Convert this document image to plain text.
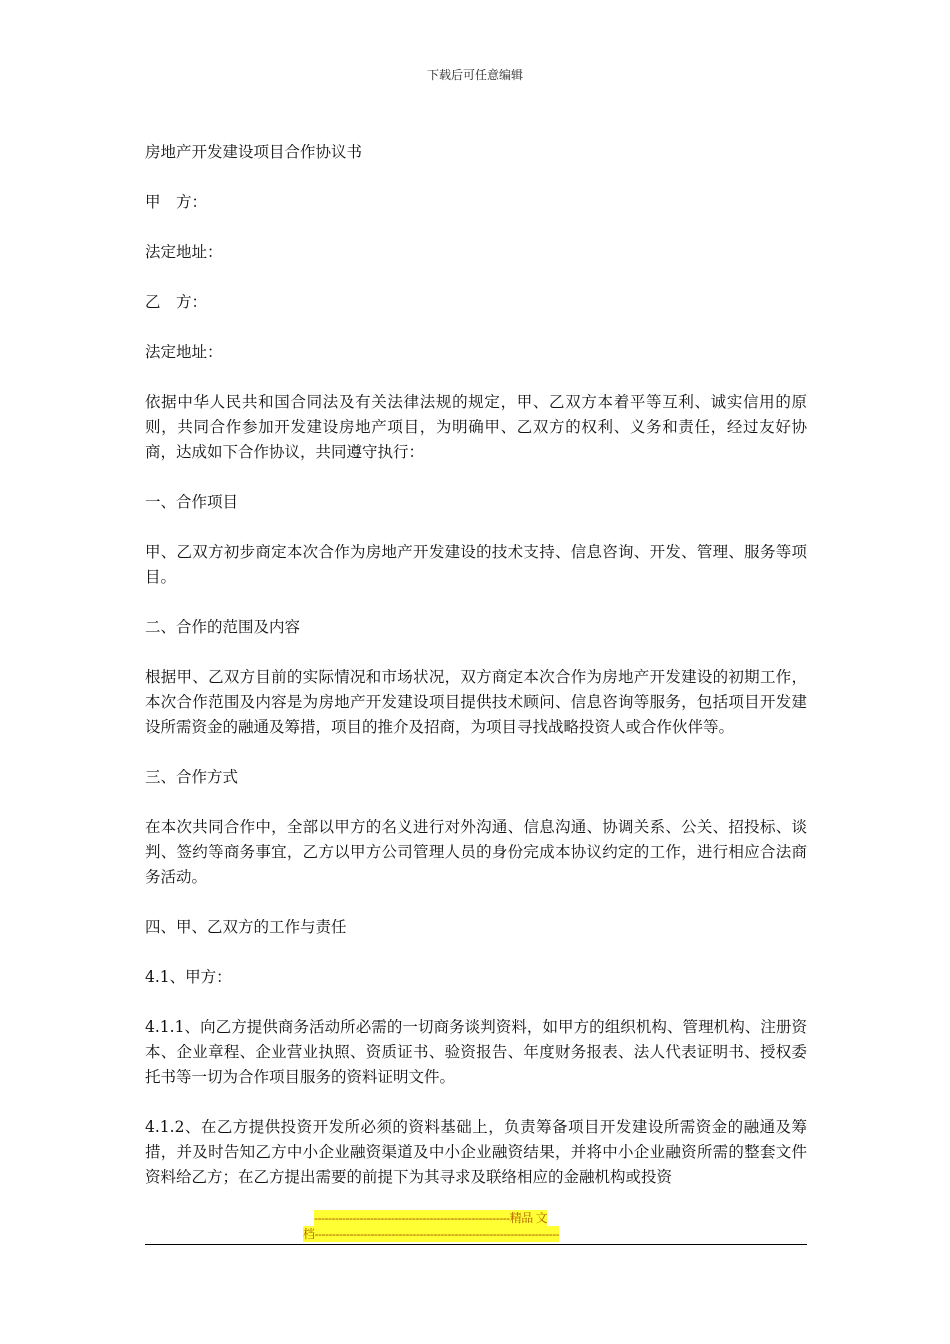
下载后可任意编辑

房地产开发建设项目合作协议书

甲　方：

法定地址：

乙　方：

法定地址：

依据中华人民共和国合同法及有关法律法规的规定，甲、乙双方本着平等互利、诚实信用的原则，共同合作参加开发建设房地产项目，为明确甲、乙双方的权利、义务和责任，经过友好协商，达成如下合作协议，共同遵守执行：

一、合作项目

甲、乙双方初步商定本次合作为房地产开发建设的技术支持、信息咨询、开发、管理、服务等项目。

二、合作的范围及内容

根据甲、乙双方目前的实际情况和市场状况，双方商定本次合作为房地产开发建设的初期工作，本次合作范围及内容是为房地产开发建设项目提供技术顾问、信息咨询等服务，包括项目开发建设所需资金的融通及筹措，项目的推介及招商，为项目寻找战略投资人或合作伙伴等。

三、合作方式

在本次共同合作中，全部以甲方的名义进行对外沟通、信息沟通、协调关系、公关、招投标、谈判、签约等商务事宜，乙方以甲方公司管理人员的身份完成本协议约定的工作，进行相应合法商务活动。

四、甲、乙双方的工作与责任

4.1、甲方：

4.1.1、向乙方提供商务活动所必需的一切商务谈判资料，如甲方的组织机构、管理机构、注册资本、企业章程、企业营业执照、资质证书、验资报告、年度财务报表、法人代表证明书、授权委托书等一切为合作项目服务的资料证明文件。

4.1.2、在乙方提供投资开发所必须的资料基础上，负责筹备项目开发建设所需资金的融通及筹措，并及时告知乙方中小企业融资渠道及中小企业融资结果，并将中小企业融资所需的整套文件资料给乙方；在乙方提出需要的前提下为其寻求及联络相应的金融机构或投资

--------------------------------------------------------精品 文
档----------------------------------------------------------------------
